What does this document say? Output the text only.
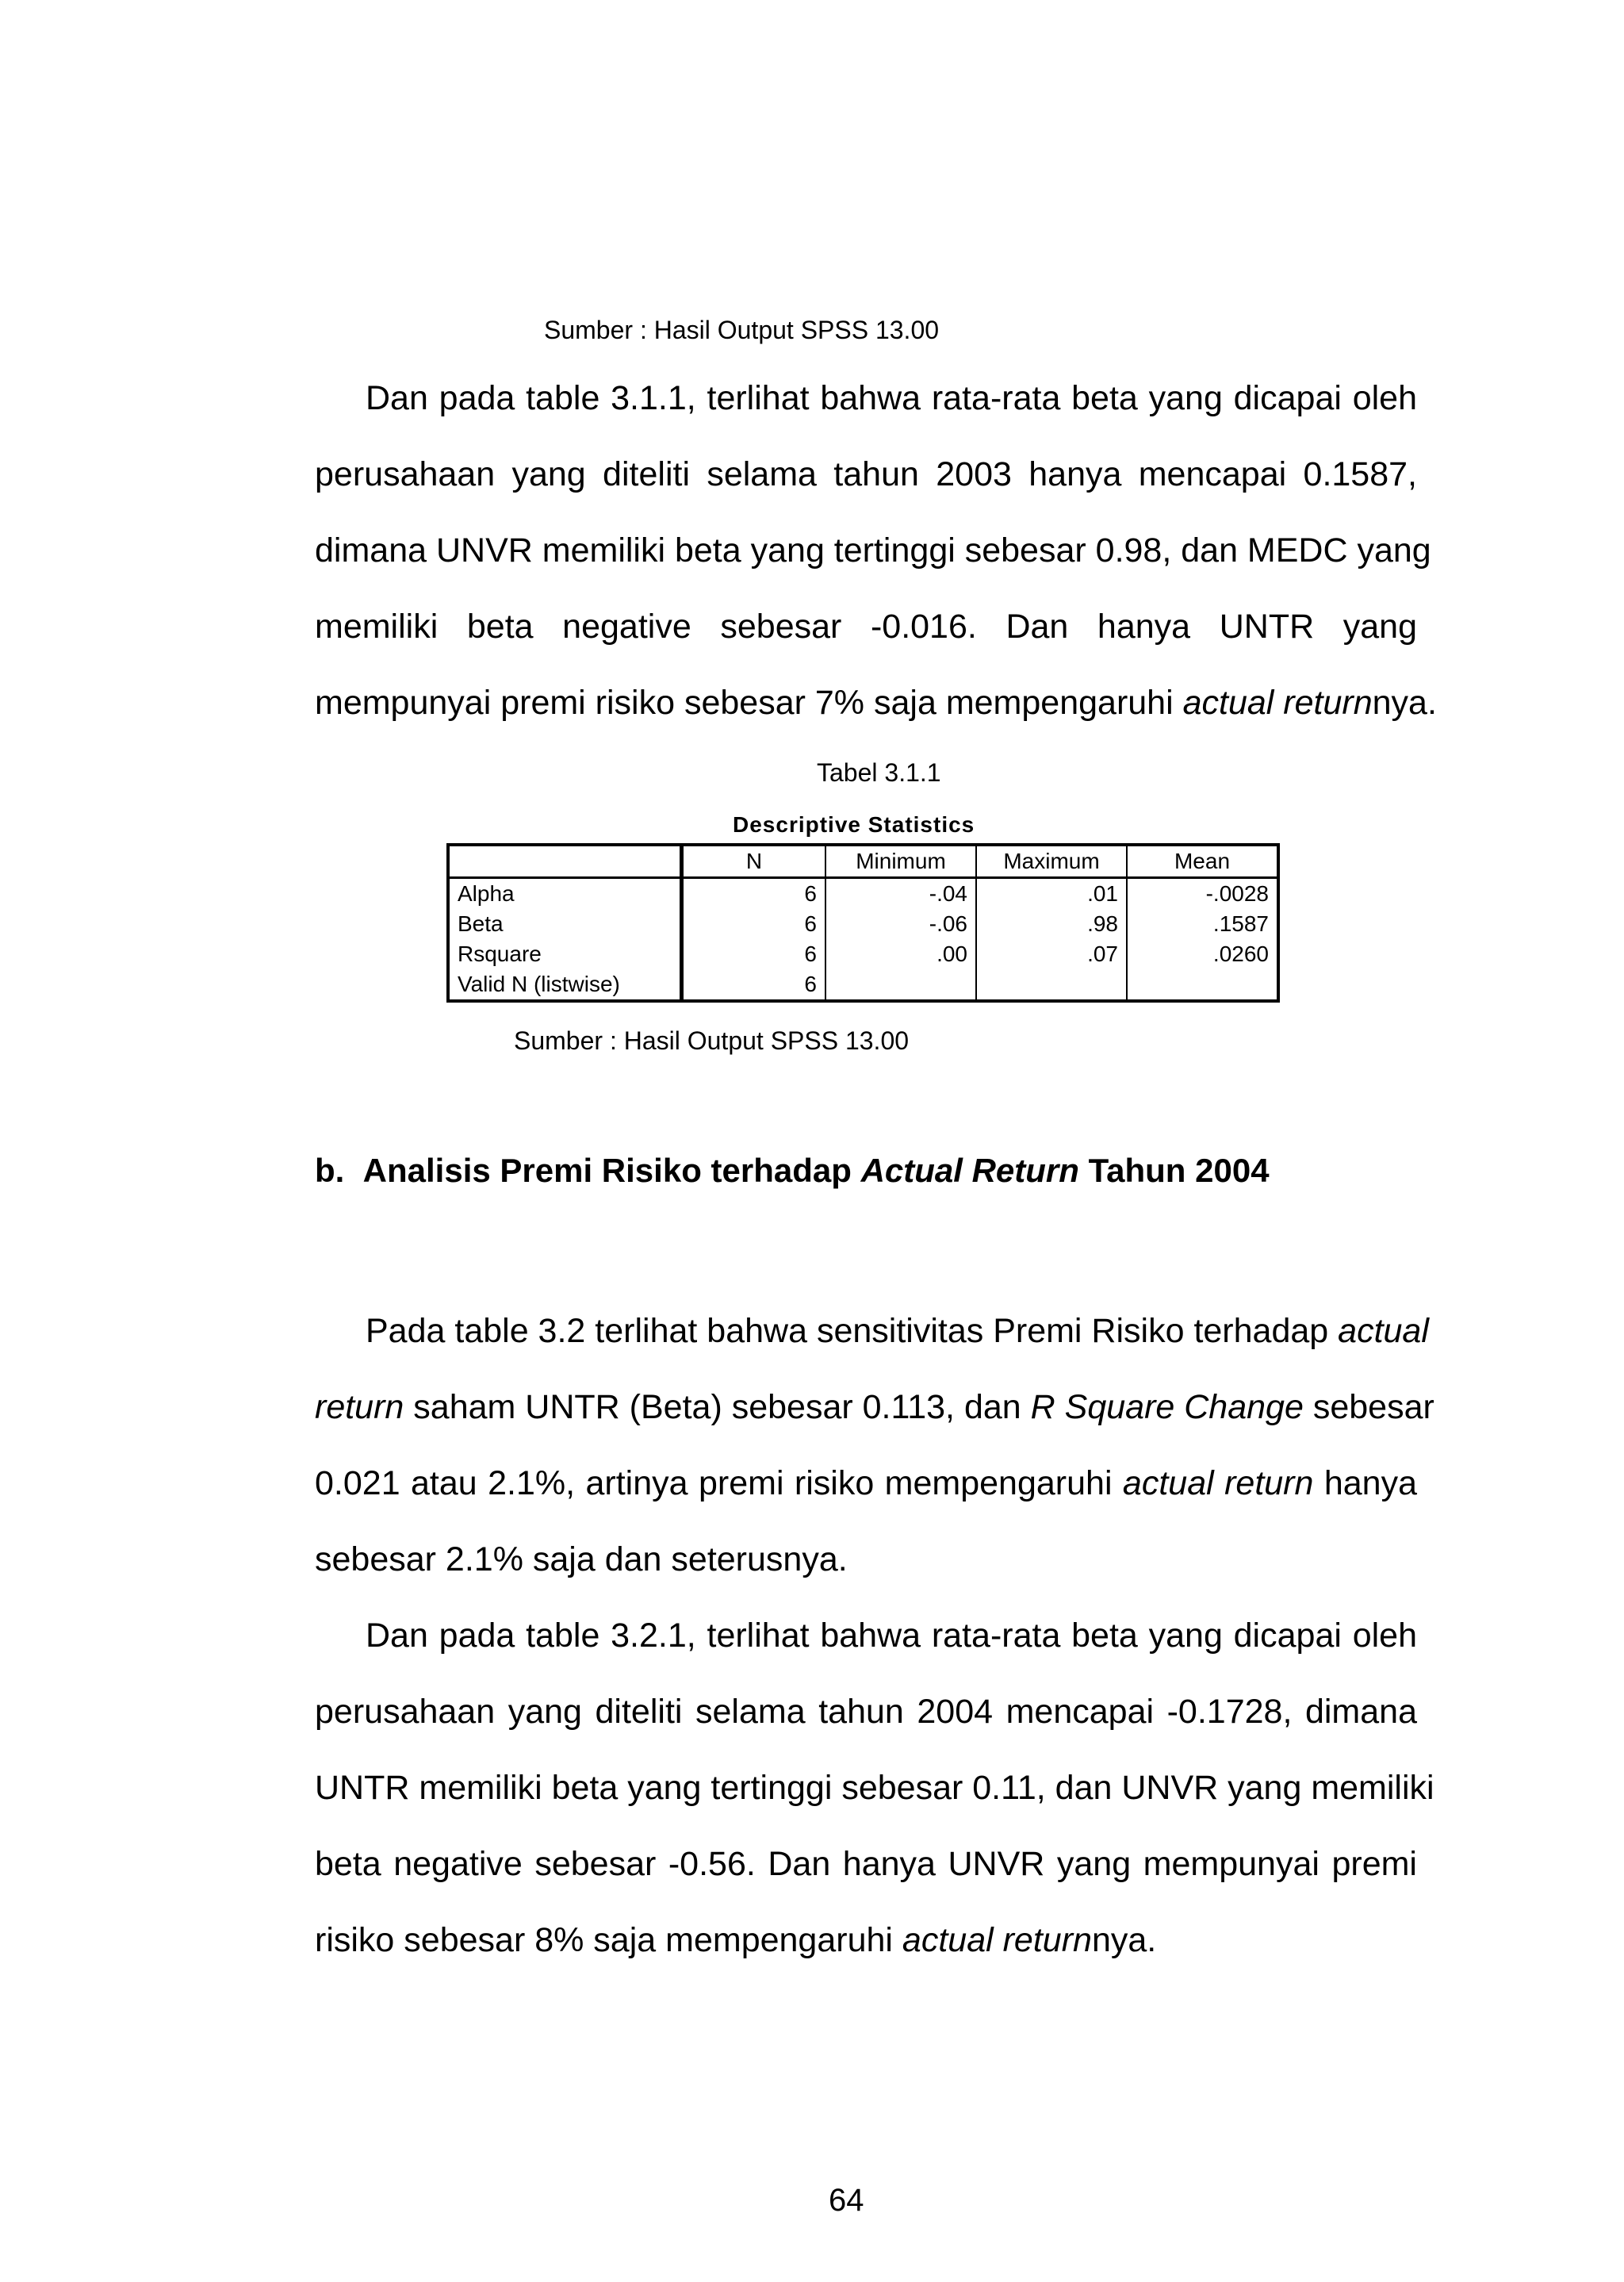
Sumber : Hasil Output SPSS 13.00
Dan pada table 3.1.1, terlihat bahwa rata-rata beta yang dicapai oleh
perusahaan yang diteliti selama tahun 2003 hanya mencapai 0.1587,
dimana UNVR memiliki beta yang tertinggi sebesar 0.98, dan MEDC yang
memiliki beta negative sebesar -0.016. Dan hanya UNTR yang
mempunyai premi risiko sebesar 7% saja mempengaruhi actual returnnya.
Tabel 3.1.1
Descriptive Statistics
	N	Minimum	Maximum	Mean
Alpha	6	-.04	.01	-.0028
Beta	6	-.06	.98	.1587
Rsquare	6	.00	.07	.0260
Valid N (listwise)	6			
Sumber : Hasil Output SPSS 13.00
b. Analisis Premi Risiko terhadap Actual Return Tahun 2004
Pada table 3.2 terlihat bahwa sensitivitas Premi Risiko terhadap actual
return saham UNTR (Beta) sebesar 0.113, dan R Square Change sebesar
0.021 atau 2.1%, artinya premi risiko mempengaruhi actual return hanya
sebesar 2.1% saja dan seterusnya.
Dan pada table 3.2.1, terlihat bahwa rata-rata beta yang dicapai oleh
perusahaan yang diteliti selama tahun 2004 mencapai -0.1728, dimana
UNTR memiliki beta yang tertinggi sebesar 0.11, dan UNVR yang memiliki
beta negative sebesar -0.56. Dan hanya UNVR yang mempunyai premi
risiko sebesar 8% saja mempengaruhi actual returnnya.
64
